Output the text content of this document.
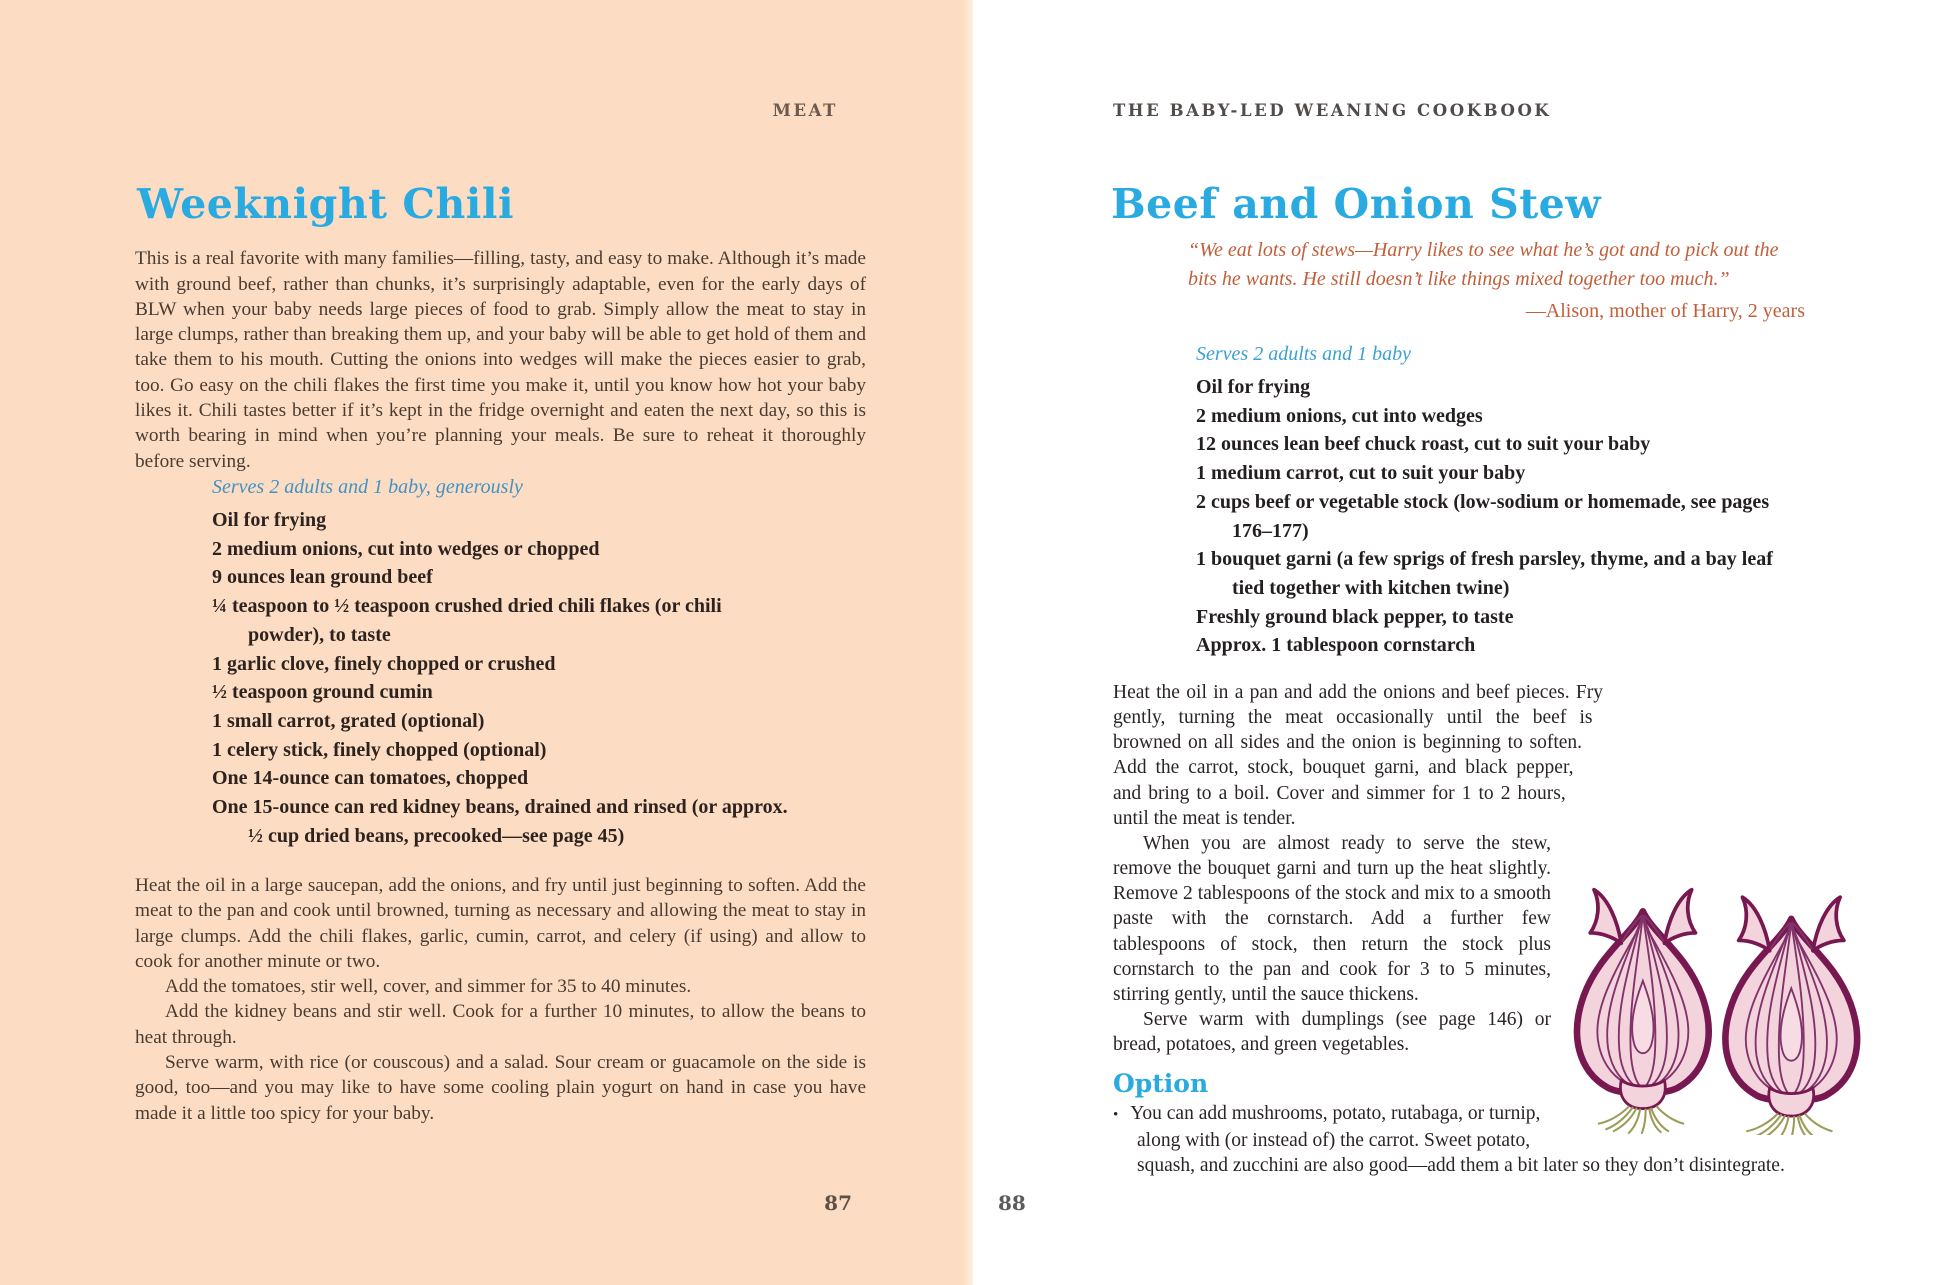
MEAT
Weeknight Chili

This is a real favorite with many families—filling, tasty, and easy to make. Although it’s made with ground beef, rather than chunks, it’s surprisingly adaptable, even for the early days of BLW when your baby needs large pieces of food to grab. Simply allow the meat to stay in large clumps, rather than breaking them up, and your baby will be able to get hold of them and take them to his mouth. Cutting the onions into wedges will make the pieces easier to grab, too. Go easy on the chili flakes the first time you make it, until you know how hot your baby likes it. Chili tastes better if it’s kept in the fridge overnight and eaten the next day, so this is worth bearing in mind when you’re planning your meals. Be sure to reheat it thoroughly before serving.

Serves 2 adults and 1 baby, generously

Oil for frying

2 medium onions, cut into wedges or chopped

9 ounces lean ground beef

¼ teaspoon to ½ teaspoon crushed dried chili flakes (or chili powder), to taste

1 garlic clove, finely chopped or crushed

½ teaspoon ground cumin

1 small carrot, grated (optional)

1 celery stick, finely chopped (optional)

One 14-ounce can tomatoes, chopped

One 15-ounce can red kidney beans, drained and rinsed (or approx. ½ cup dried beans, precooked—see page 45)

Heat the oil in a large saucepan, add the onions, and fry until just beginning to soften. Add the meat to the pan and cook until browned, turning as necessary and allowing the meat to stay in large clumps. Add the chili flakes, garlic, cumin, carrot, and celery (if using) and allow to cook for another minute or two.

Add the tomatoes, stir well, cover, and simmer for 35 to 40 minutes.

Add the kidney beans and stir well. Cook for a further 10 minutes, to allow the beans to heat through.

Serve warm, with rice (or couscous) and a salad. Sour cream or guacamole on the side is good, too—and you may like to have some cooling plain yogurt on hand in case you have made it a little too spicy for your baby.

87
THE BABY-LED WEANING COOKBOOK
Beef and Onion Stew

“We eat lots of stews—Harry likes to see what he’s got and to pick out the bits he wants. He still doesn’t like things mixed together too much.”

—Alison, mother of Harry, 2 years

Serves 2 adults and 1 baby

Oil for frying

2 medium onions, cut into wedges

12 ounces lean beef chuck roast, cut to suit your baby

1 medium carrot, cut to suit your baby

2 cups beef or vegetable stock (low-sodium or homemade, see pages 176–177)

1 bouquet garni (a few sprigs of fresh parsley, thyme, and a bay leaf tied together with kitchen twine)

Freshly ground black pepper, to taste

Approx. 1 tablespoon cornstarch

Heat the oil in a pan and add the onions and beef pieces. Fry gently, turning the meat occasionally until the beef is browned on all sides and the onion is beginning to soften. Add the carrot, stock, bouquet garni, and black pepper, and bring to a boil. Cover and simmer for 1 to 2 hours, until the meat is tender.

When you are almost ready to serve the stew, remove the bouquet garni and turn up the heat slightly. Remove 2 tablespoons of the stock and mix to a smooth paste with the cornstarch. Add a further few tablespoons of stock, then return the stock plus cornstarch to the pan and cook for 3 to 5 minutes, stirring gently, until the sauce thickens.

Serve warm with dumplings (see page 146) or bread, potatoes, and green vegetables.

Option
• You can add mushrooms, potato, rutabaga, or turnip, along with (or instead of) the carrot. Sweet potato, squash, and zucchini are also good—add them a bit later so they don’t disintegrate.
88
